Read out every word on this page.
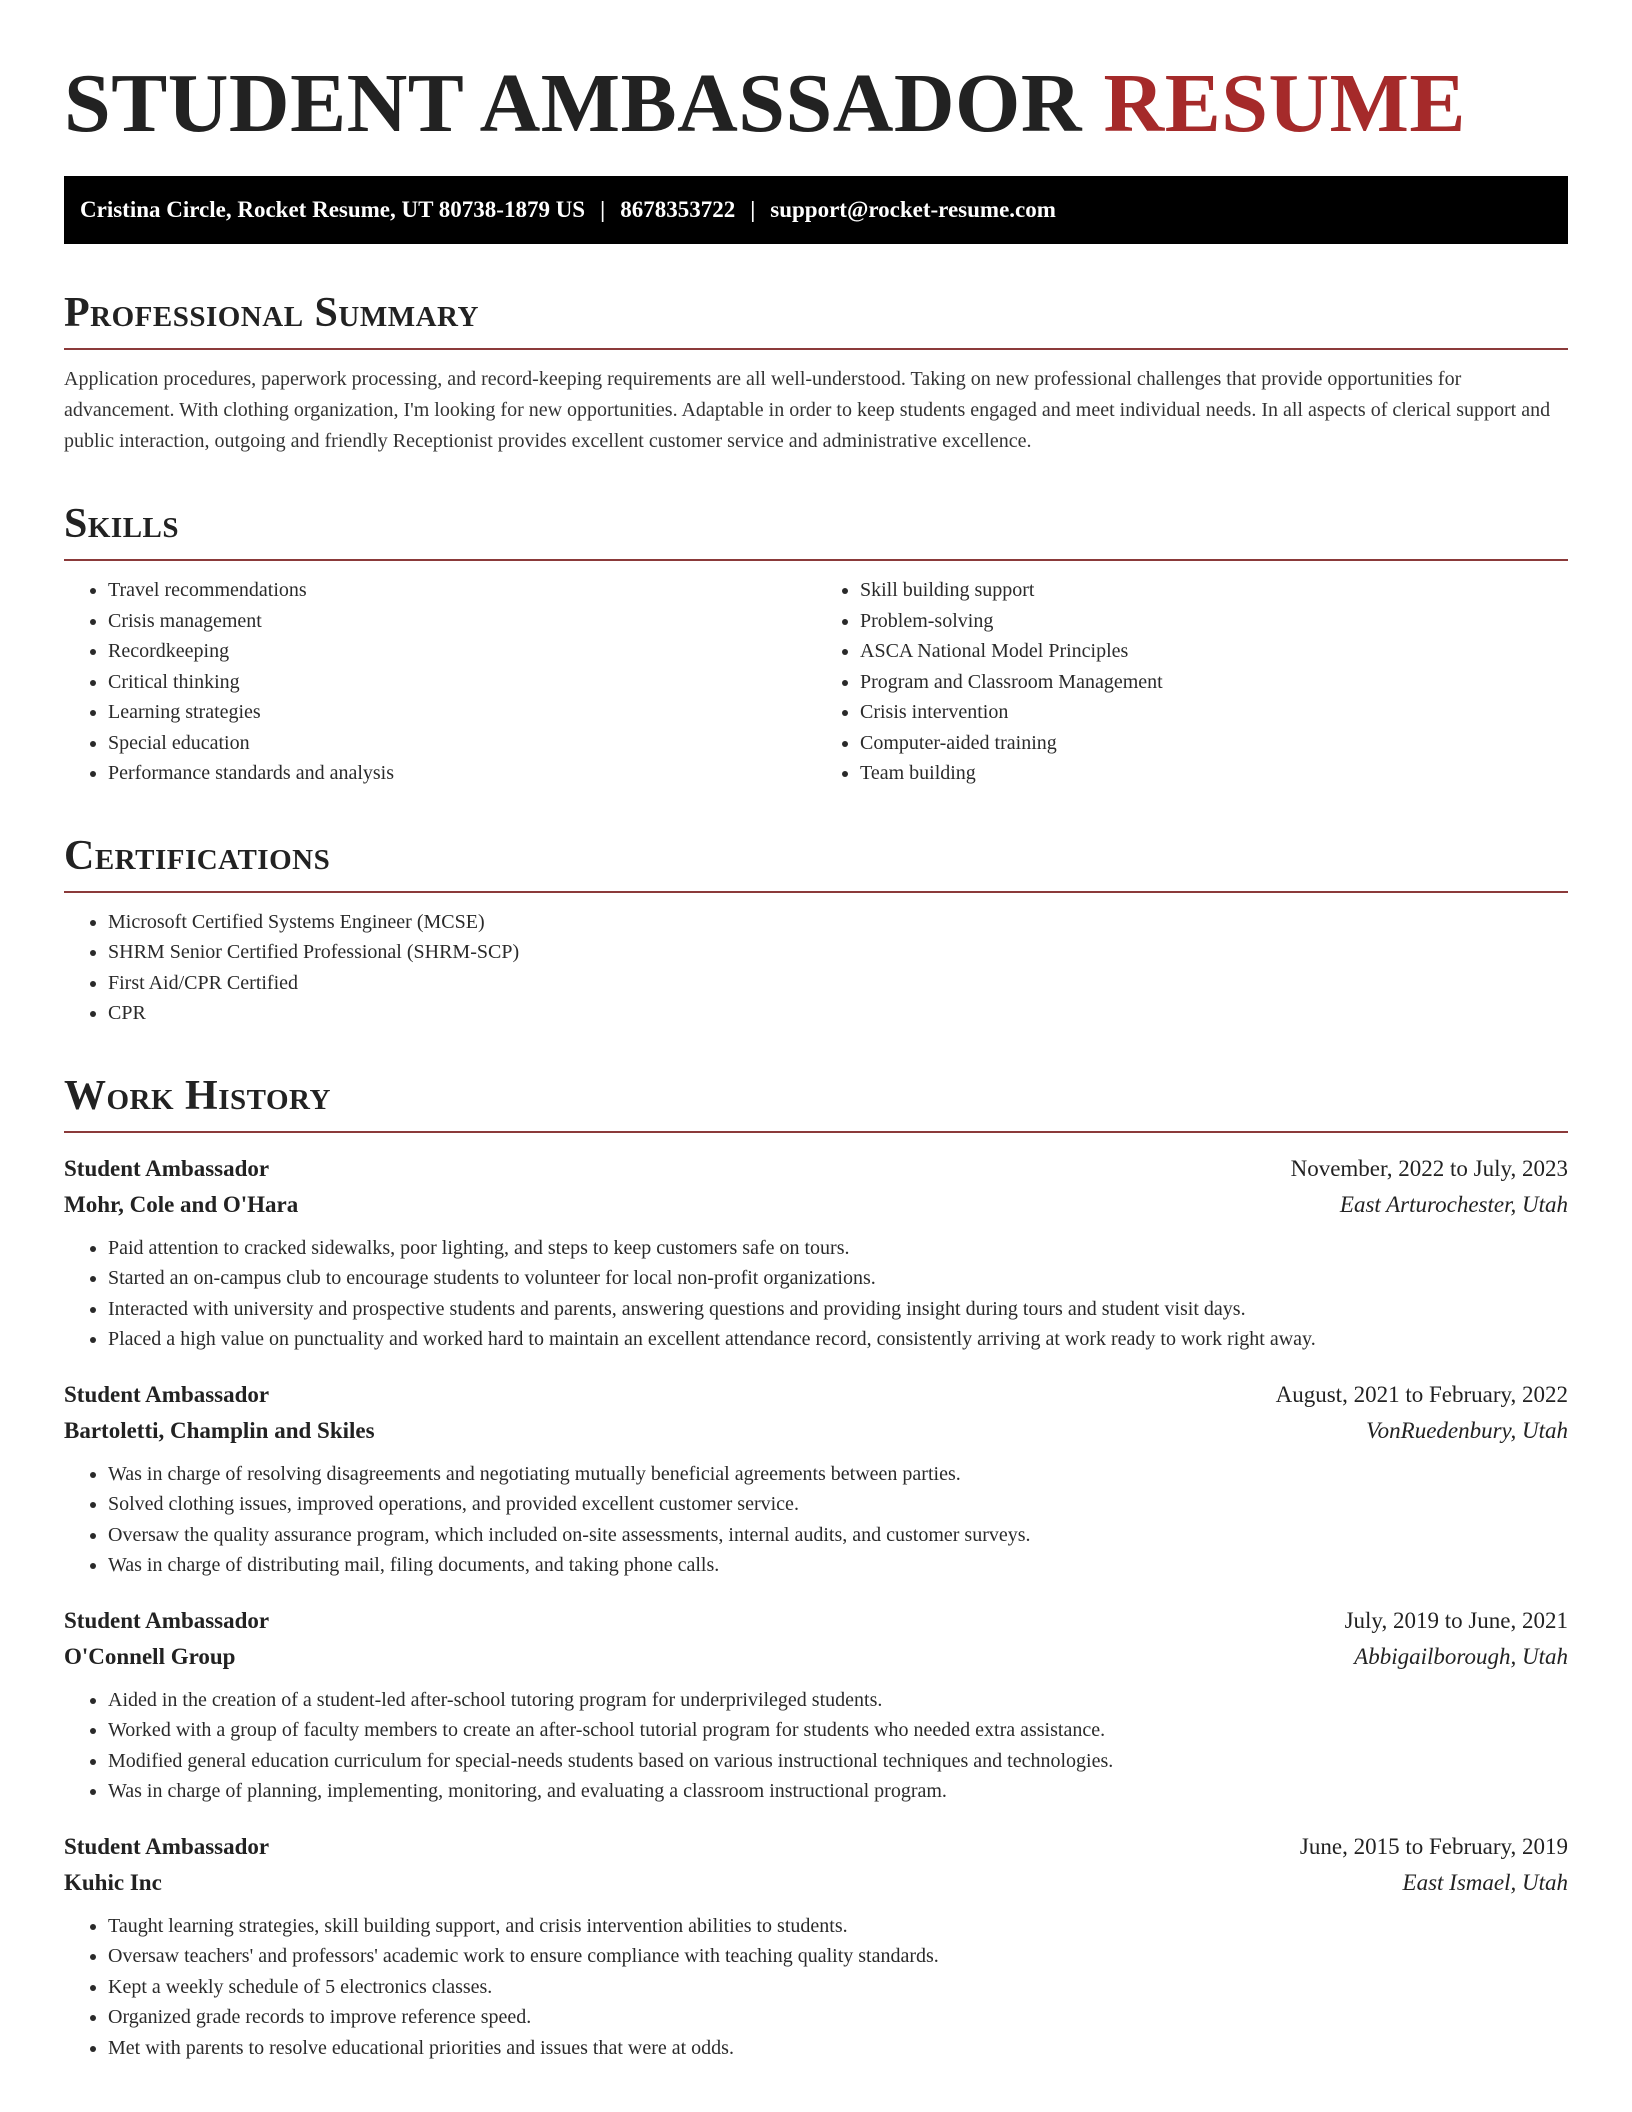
STUDENT AMBASSADOR RESUME
Cristina Circle, Rocket Resume, UT 80738-1879 US | 8678353722 | support@rocket-resume.com
Professional Summary

Application procedures, paperwork processing, and record-keeping requirements are all well-understood. Taking on new professional challenges that provide opportunities for advancement. With clothing organization, I'm looking for new opportunities. Adaptable in order to keep students engaged and meet individual needs. In all aspects of clerical support and public interaction, outgoing and friendly Receptionist provides excellent customer service and administrative excellence.

Skills
• Travel recommendations
• Crisis management
• Recordkeeping
• Critical thinking
• Learning strategies
• Special education
• Performance standards and analysis
• Skill building support
• Problem-solving
• ASCA National Model Principles
• Program and Classroom Management
• Crisis intervention
• Computer-aided training
• Team building
Certifications
• Microsoft Certified Systems Engineer (MCSE)
• SHRM Senior Certified Professional (SHRM-SCP)
• First Aid/CPR Certified
• CPR
Work History
Student Ambassador	November, 2022 to July, 2023
Mohr, Cole and O'Hara	East Arturochester, Utah
• Paid attention to cracked sidewalks, poor lighting, and steps to keep customers safe on tours.
• Started an on-campus club to encourage students to volunteer for local non-profit organizations.
• Interacted with university and prospective students and parents, answering questions and providing insight during tours and student visit days.
• Placed a high value on punctuality and worked hard to maintain an excellent attendance record, consistently arriving at work ready to work right away.
Student Ambassador	August, 2021 to February, 2022
Bartoletti, Champlin and Skiles	VonRuedenbury, Utah
• Was in charge of resolving disagreements and negotiating mutually beneficial agreements between parties.
• Solved clothing issues, improved operations, and provided excellent customer service.
• Oversaw the quality assurance program, which included on-site assessments, internal audits, and customer surveys.
• Was in charge of distributing mail, filing documents, and taking phone calls.
Student Ambassador	July, 2019 to June, 2021
O'Connell Group	Abbigailborough, Utah
• Aided in the creation of a student-led after-school tutoring program for underprivileged students.
• Worked with a group of faculty members to create an after-school tutorial program for students who needed extra assistance.
• Modified general education curriculum for special-needs students based on various instructional techniques and technologies.
• Was in charge of planning, implementing, monitoring, and evaluating a classroom instructional program.
Student Ambassador	June, 2015 to February, 2019
Kuhic Inc	East Ismael, Utah
• Taught learning strategies, skill building support, and crisis intervention abilities to students.
• Oversaw teachers' and professors' academic work to ensure compliance with teaching quality standards.
• Kept a weekly schedule of 5 electronics classes.
• Organized grade records to improve reference speed.
• Met with parents to resolve educational priorities and issues that were at odds.
